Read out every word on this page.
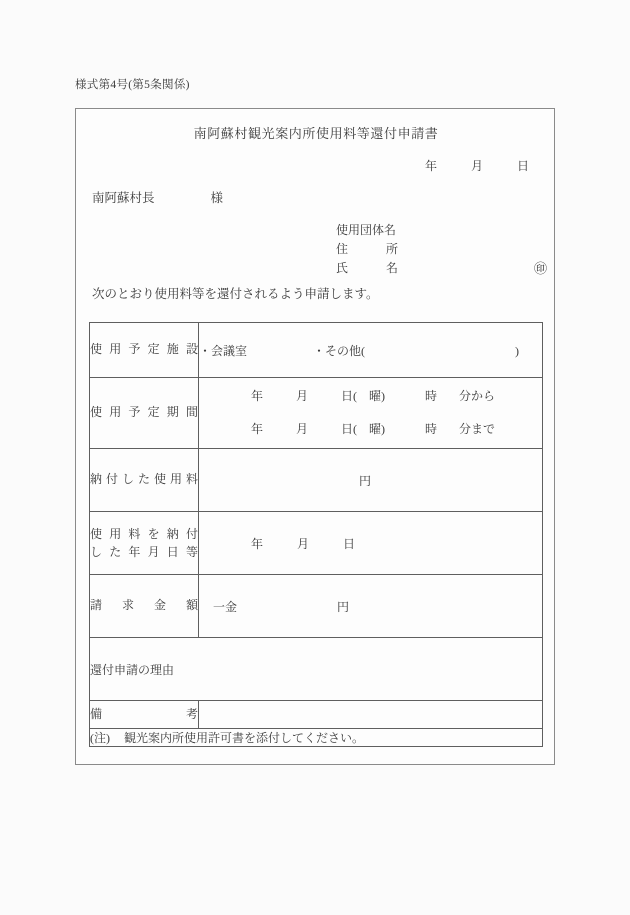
様式第4号(第5条関係)
南阿蘇村観光案内所使用料等還付申請書
年	月	日
南阿蘇村長	様
使用団体名
住所
氏名	㊞
次のとおり使用料等を還付されるよう申請します。
使用予定施設	・会議室 ・その他( )

使用予定期間	年 月 日( 曜) 時 分から
年 月 日( 曜) 時 分まで

納付した使用料	円

使用料を納付
した年月日等	年 月 日

請求金額	一金 円

還付申請の理由	
備考	
(注) 観光案内所使用許可書を添付してください。	
